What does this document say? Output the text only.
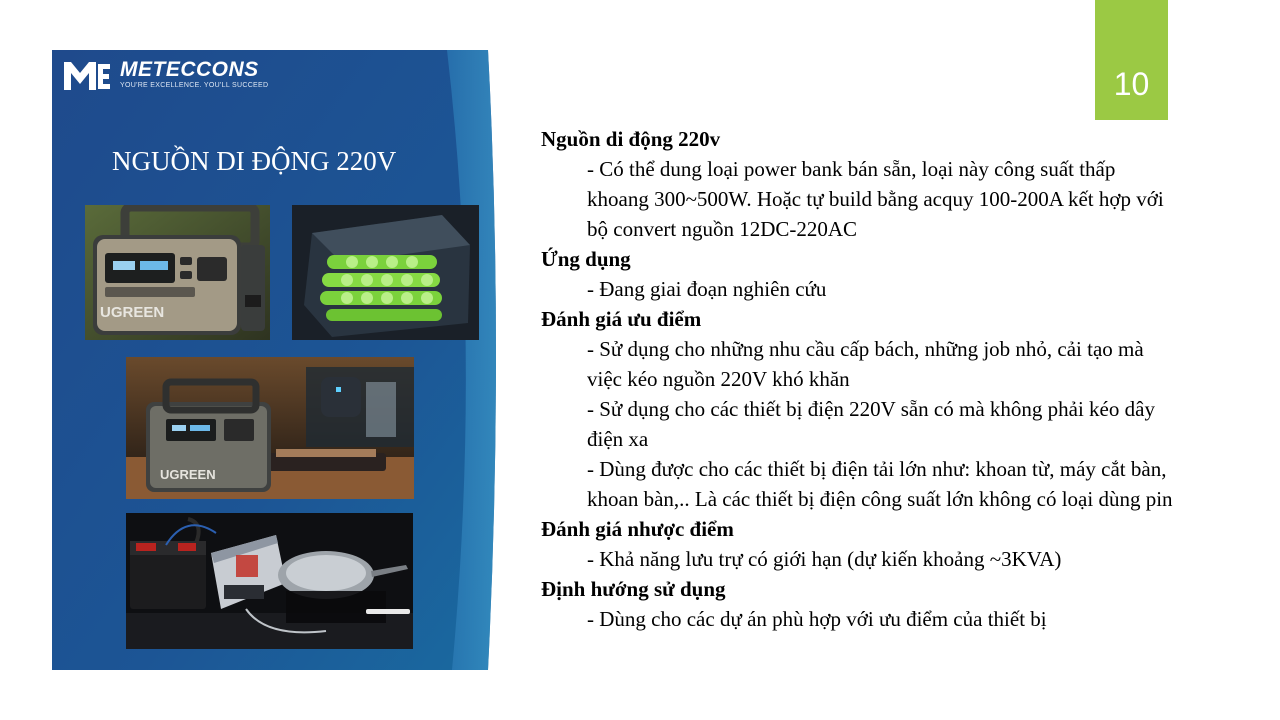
METECCONS
YOU'RE EXCELLENCE. YOU'LL SUCCEED
NGUỒN DI ĐỘNG 220V
UGREEN
UGREEN
10

Nguồn di động 220v

- Có thể dung loại power bank bán sẵn, loại này công suất thấp khoang 300~500W. Hoặc tự build bằng acquy 100-200A kết hợp với bộ convert nguồn 12DC-220AC

Ứng dụng

- Đang giai đoạn nghiên cứu

Đánh giá ưu điểm

- Sử dụng cho những nhu cầu cấp bách, những job nhỏ, cải tạo mà việc kéo nguồn 220V khó khăn

- Sử dụng cho các thiết bị điện 220V sẵn có mà không phải kéo dây điện xa

- Dùng được cho các thiết bị điện tải lớn như: khoan từ, máy cắt bàn, khoan bàn,.. Là các thiết bị điện công suất lớn không có loại dùng pin

Đánh giá nhược điểm

- Khả năng lưu trự có giới hạn (dự kiến khoảng ~3KVA)

Định hướng sử dụng

- Dùng cho các dự án phù hợp với ưu điểm của thiết bị
